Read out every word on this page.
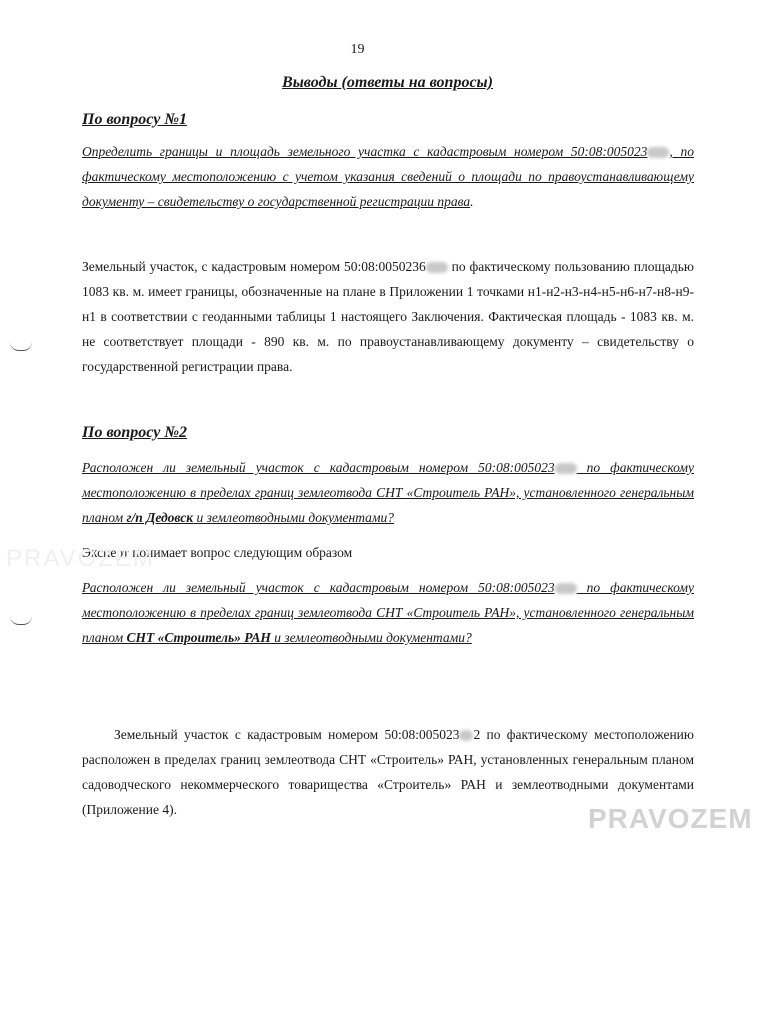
19
Выводы (ответы на вопросы)
По вопросу №1

Определить границы и площадь земельного участка с кадастровым номером 50:08:005023 , по фактическому местоположению с учетом указания сведений о площади по правоустанавливающему документу – свидетельству о государственной регистрации права.

Земельный участок, с кадастровым номером 50:08:0050236 по фактическому пользованию площадью 1083 кв. м. имеет границы, обозначенные на плане в Приложении 1 точками н1-н2-н3-н4-н5-н6-н7-н8-н9-н1 в соответствии с геоданными таблицы 1 настоящего Заключения. Фактическая площадь - 1083 кв. м. не соответствует площади - 890 кв. м. по правоустанавливающему документу – свидетельству о государственной регистрации права.

По вопросу №2

Расположен ли земельный участок с кадастровым номером 50:08:005023 по фактическому местоположению в пределах границ землеотвода СНТ «Строитель РАН», установленного генеральным планом г/п Дедовск и землеотводными документами?

Эксперт понимает вопрос следующим образом

Расположен ли земельный участок с кадастровым номером 50:08:005023 по фактическому местоположению в пределах границ землеотвода СНТ «Строитель РАН», установленного генеральным планом СНТ «Строитель» РАН и землеотводными документами?

Земельный участок с кадастровым номером 50:08:005023 2 по фактическому местоположению расположен в пределах границ землеотвода СНТ «Строитель» РАН, установленных генеральным планом садоводческого некоммерческого товарищества «Строитель» РАН и землеотводными документами (Приложение 4).	PRAVOZEM
PRAVOZEM
